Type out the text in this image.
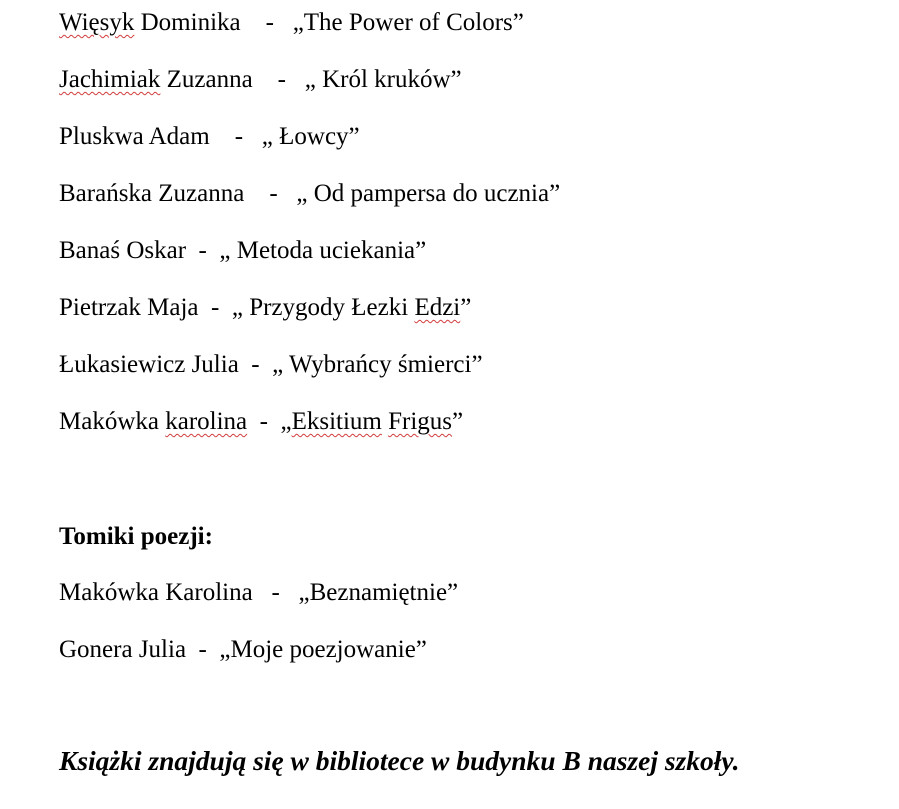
Więsyk Dominika    -   „The Power of Colors”
Jachimiak Zuzanna    -   „ Król kruków”
Pluskwa Adam    -   „ Łowcy”
Barańska Zuzanna    -   „ Od pampersa do ucznia”
Banaś Oskar  -  „ Metoda uciekania”
Pietrzak Maja  -  „ Przygody Łezki Edzi”
Łukasiewicz Julia  -  „ Wybrańcy śmierci”
Makówka karolina  -  „Eksitium Frigus”
Tomiki poezji:
Makówka Karolina   -   „Beznamiętnie”
Gonera Julia  -  „Moje poezjowanie”
Książki znajdują się w bibliotece w budynku B naszej szkoły.
